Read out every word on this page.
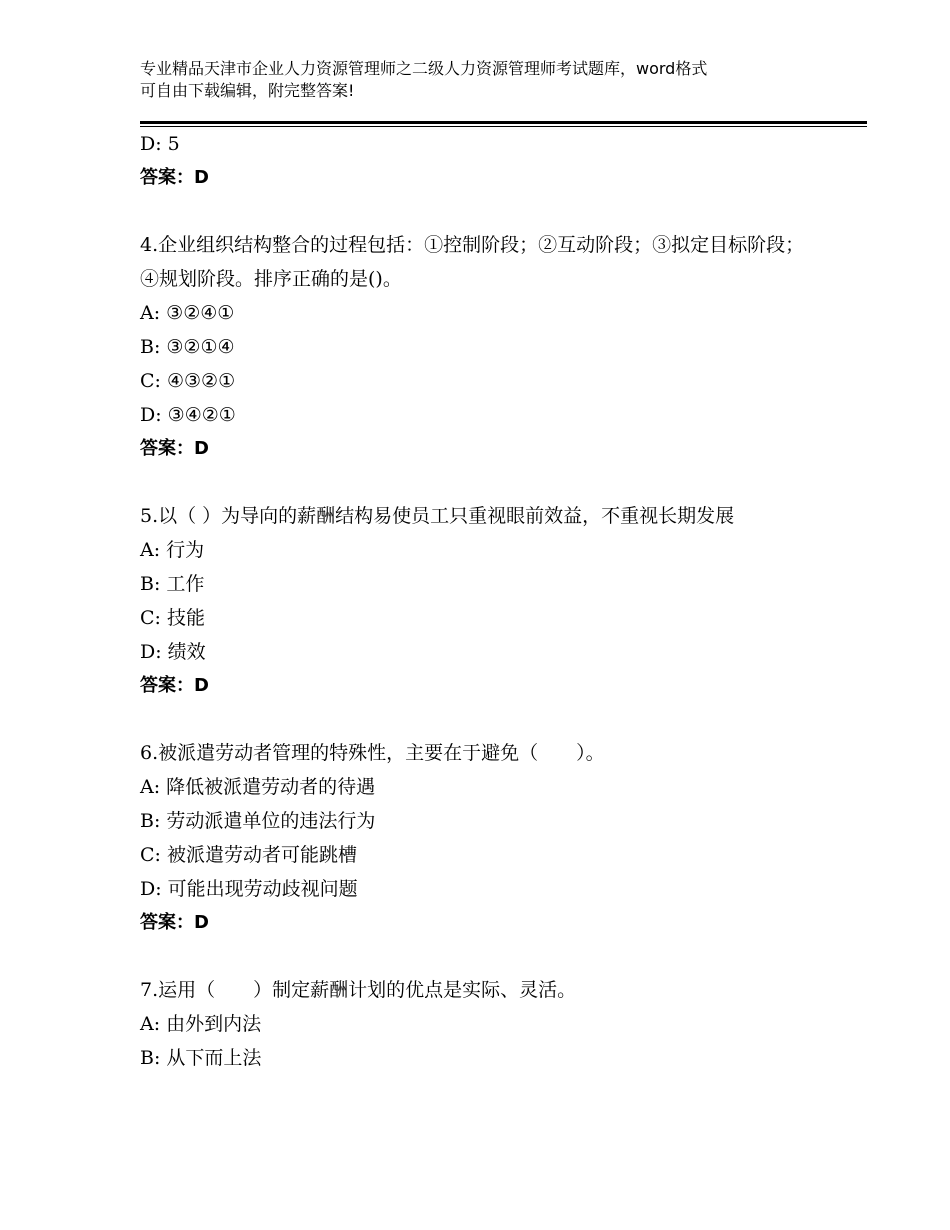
专业精品天津市企业人力资源管理师之二级人力资源管理师考试题库，word格式
可自由下载编辑，附完整答案!
D: 5
答案：D
4.企业组织结构整合的过程包括：①控制阶段；②互动阶段；③拟定目标阶段；④规划阶段。排序正确的是()。
A: ③②④①
B: ③②①④
C: ④③②①
D: ③④②①
答案：D
5.以（ ）为导向的薪酬结构易使员工只重视眼前效益，不重视长期发展
A: 行为
B: 工作
C: 技能
D: 绩效
答案：D
6.被派遣劳动者管理的特殊性，主要在于避免（　　）。
A: 降低被派遣劳动者的待遇
B: 劳动派遣单位的违法行为
C: 被派遣劳动者可能跳槽
D: 可能出现劳动歧视问题
答案：D
7.运用（　　）制定薪酬计划的优点是实际、灵活。
A: 由外到内法
B: 从下而上法
